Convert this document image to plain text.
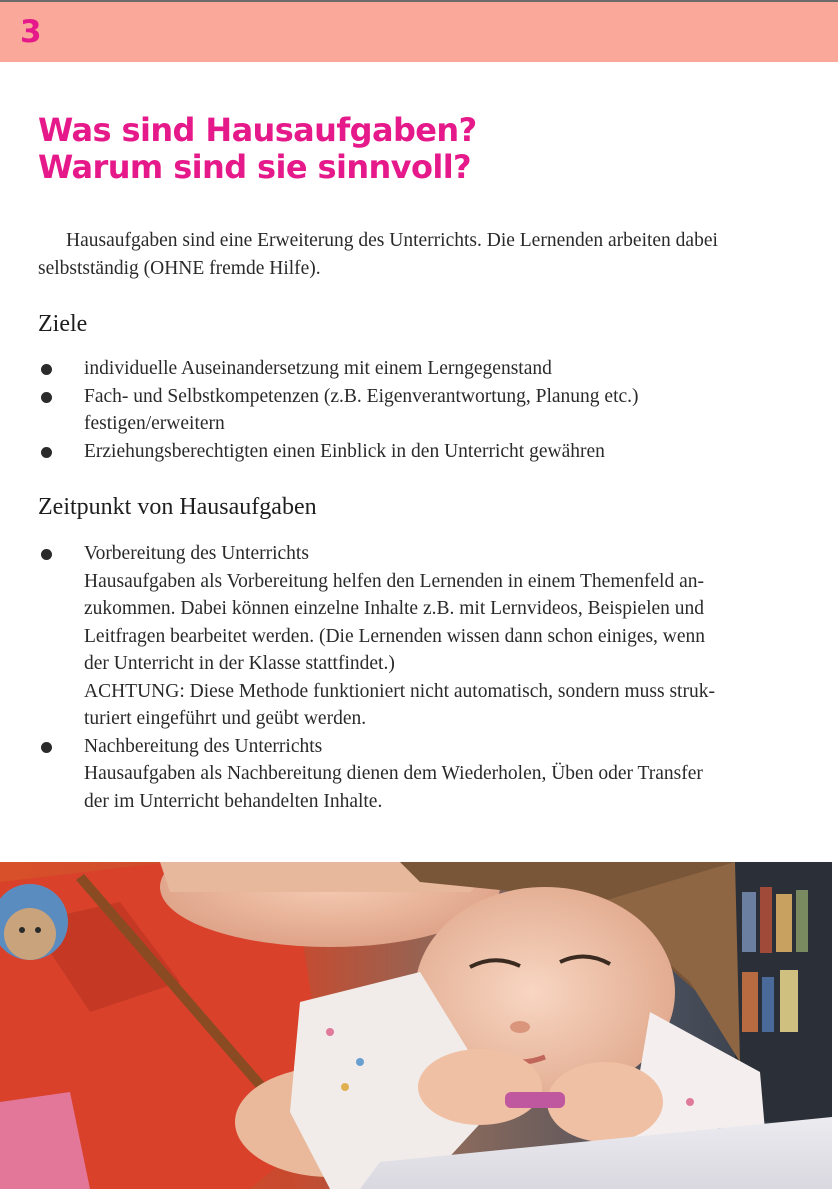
3
Was sind Hausaufgaben?
Warum sind sie sinnvoll?

Hausaufgaben sind eine Erweiterung des Unterrichts. Die Lernenden arbeiten dabei selbstständig (OHNE fremde Hilfe).

Ziele
individuelle Auseinandersetzung mit einem Lerngegenstand
Fach- und Selbstkompetenzen (z.B. Eigenverantwortung, Planung etc.)
festigen/erweitern
Erziehungsberechtigten einen Einblick in den Unterricht gewähren
Zeitpunkt von Hausaufgaben
Vorbereitung des Unterrichts
Hausaufgaben als Vorbereitung helfen den Lernenden in einem Themenfeld an-
zukommen. Dabei können einzelne Inhalte z.B. mit Lernvideos, Beispielen und
Leitfragen bearbeitet werden. (Die Lernenden wissen dann schon einiges, wenn
der Unterricht in der Klasse stattfindet.)
ACHTUNG: Diese Methode funktioniert nicht automatisch, sondern muss struk-
turiert eingeführt und geübt werden.
Nachbereitung des Unterrichts
Hausaufgaben als Nachbereitung dienen dem Wiederholen, Üben oder Transfer
der im Unterricht behandelten Inhalte.
